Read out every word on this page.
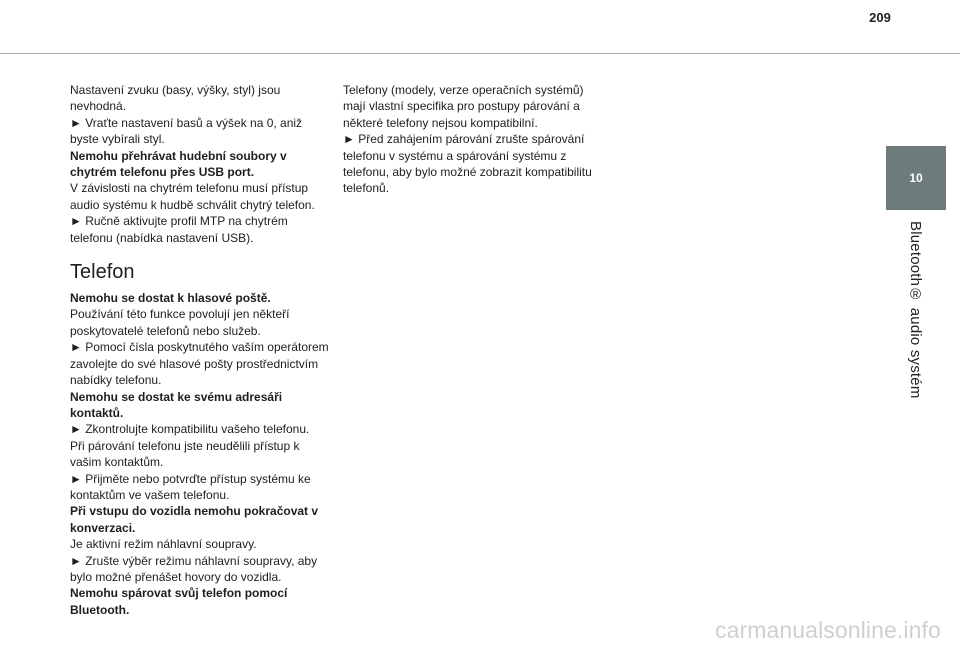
209
10
Bluetooth® audio systém

Nastavení zvuku (basy, výšky, styl) jsou nevhodná.

► Vraťte nastavení basů a výšek na 0, aniž byste vybírali styl.

Nemohu přehrávat hudební soubory v chytrém telefonu přes USB port.

V závislosti na chytrém telefonu musí přístup audio systému k hudbě schválit chytrý telefon.

► Ručně aktivujte profil MTP na chytrém telefonu (nabídka nastavení USB).

Telefon

Nemohu se dostat k hlasové poště.

Používání této funkce povolují jen někteří poskytovatelé telefonů nebo služeb.

► Pomocí čísla poskytnutého vaším operátorem zavolejte do své hlasové pošty prostřednictvím nabídky telefonu.

Nemohu se dostat ke svému adresáři kontaktů.

► Zkontrolujte kompatibilitu vašeho telefonu.

Při párování telefonu jste neudělili přístup k vašim kontaktům.

► Přijměte nebo potvrďte přístup systému ke kontaktům ve vašem telefonu.

Při vstupu do vozidla nemohu pokračovat v konverzaci.

Je aktivní režim náhlavní soupravy.

► Zrušte výběr režimu náhlavní soupravy, aby bylo možné přenášet hovory do vozidla.

Nemohu spárovat svůj telefon pomocí Bluetooth.

Telefony (modely, verze operačních systémů) mají vlastní specifika pro postupy párování a některé telefony nejsou kompatibilní.

► Před zahájením párování zrušte spárování telefonu v systému a spárování systému z telefonu, aby bylo možné zobrazit kompatibilitu telefonů.

carmanualsonline.info
